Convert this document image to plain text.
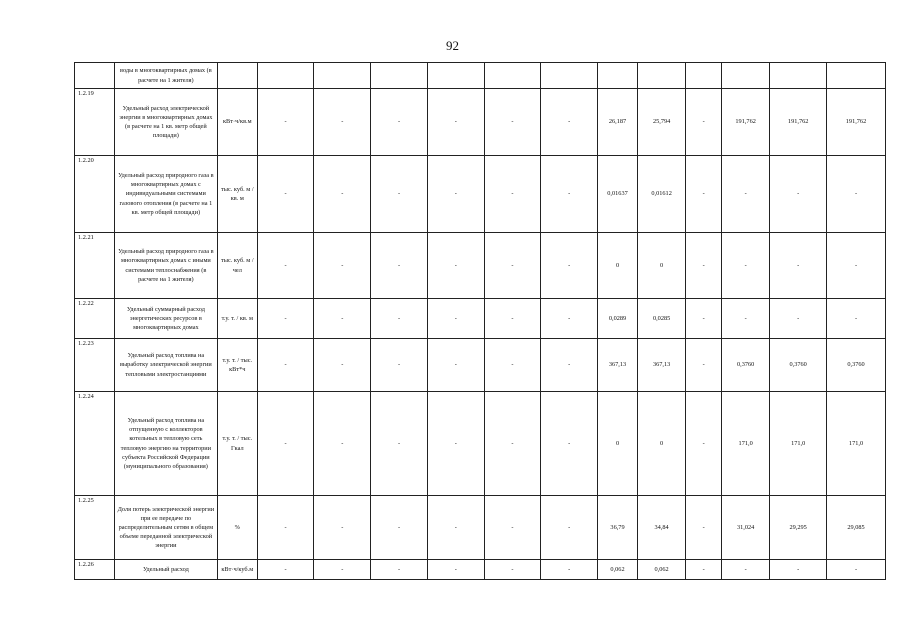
92
	воды в многоквартирных домах (в расчете на 1 жителя)													
1.2.19	Удельный расход электрической энергии в многоквартирных домах (в расчете на 1 кв. метр общей площади)	кВт·ч/кв.м	-	-	-	-	-	-	26,187	25,794	-	191,762	191,762	191,762
1.2.20	Удельный расход природного газа в многоквартирных домах с индивидуальными системами газового отопления (в расчете на 1 кв. метр общей площади)	тыс. куб. м / кв. м	-	-	-	-	-	-	0,01637	0,01612	-	-	-	-
1.2.21	Удельный расход природного газа в многоквартирных домах с иными системами теплоснабжения (в расчете на 1 жителя)	тыс. куб. м / чел	-	-	-	-	-	-	0	0	-	-	-	-
1.2.22	Удельный суммарный расход энергетических ресурсов в многоквартирных домах	т.у. т. / кв. м	-	-	-	-	-	-	0,0289	0,0285	-	-	-	-
1.2.23	Удельный расход топлива на выработку электрической энергии тепловыми электростанциями	т.у. т. / тыс. кВт*ч	-	-	-	-	-	-	367,13	367,13	-	0,3760	0,3760	0,3760
1.2.24	Удельный расход топлива на отпущенную с коллекторов котельных в тепловую сеть тепловую энергию на территории субъекта Российской Федерации (муниципального образования)	т.у. т. / тыс. Гкал	-	-	-	-	-	-	0	0	-	171,0	171,0	171,0
1.2.25	Доля потерь электрической энергии при ее передаче по распределительным сетям в общем объеме переданной электрической энергии	%	-	-	-	-	-	-	36,79	34,84	-	31,024	29,295	29,085
1.2.26	Удельный расход	кВт·ч/куб.м	-	-	-	-	-	-	0,062	0,062	-	-	-	-
